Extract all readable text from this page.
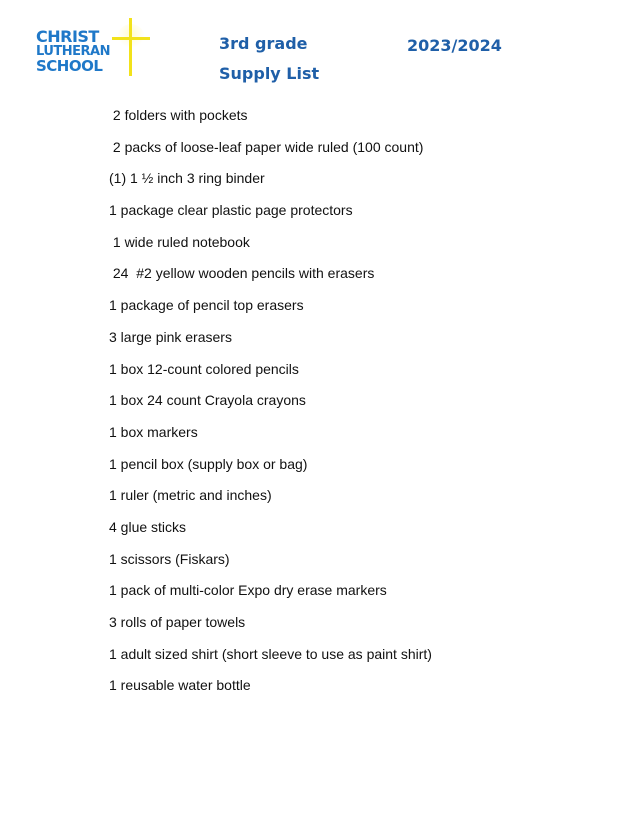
CHRIST
LUTHERAN
SCHOOL
3rd grade
Supply List
2023/2024
2 folders with pockets
2 packs of loose-leaf paper wide ruled (100 count)
(1) 1 ½ inch 3 ring binder
1 package clear plastic page protectors
1 wide ruled notebook
24  #2 yellow wooden pencils with erasers
1 package of pencil top erasers
3 large pink erasers
1 box 12-count colored pencils
1 box 24 count Crayola crayons
1 box markers
1 pencil box (supply box or bag)
1 ruler (metric and inches)
4 glue sticks
1 scissors (Fiskars)
1 pack of multi-color Expo dry erase markers
3 rolls of paper towels
1 adult sized shirt (short sleeve to use as paint shirt)
1 reusable water bottle
